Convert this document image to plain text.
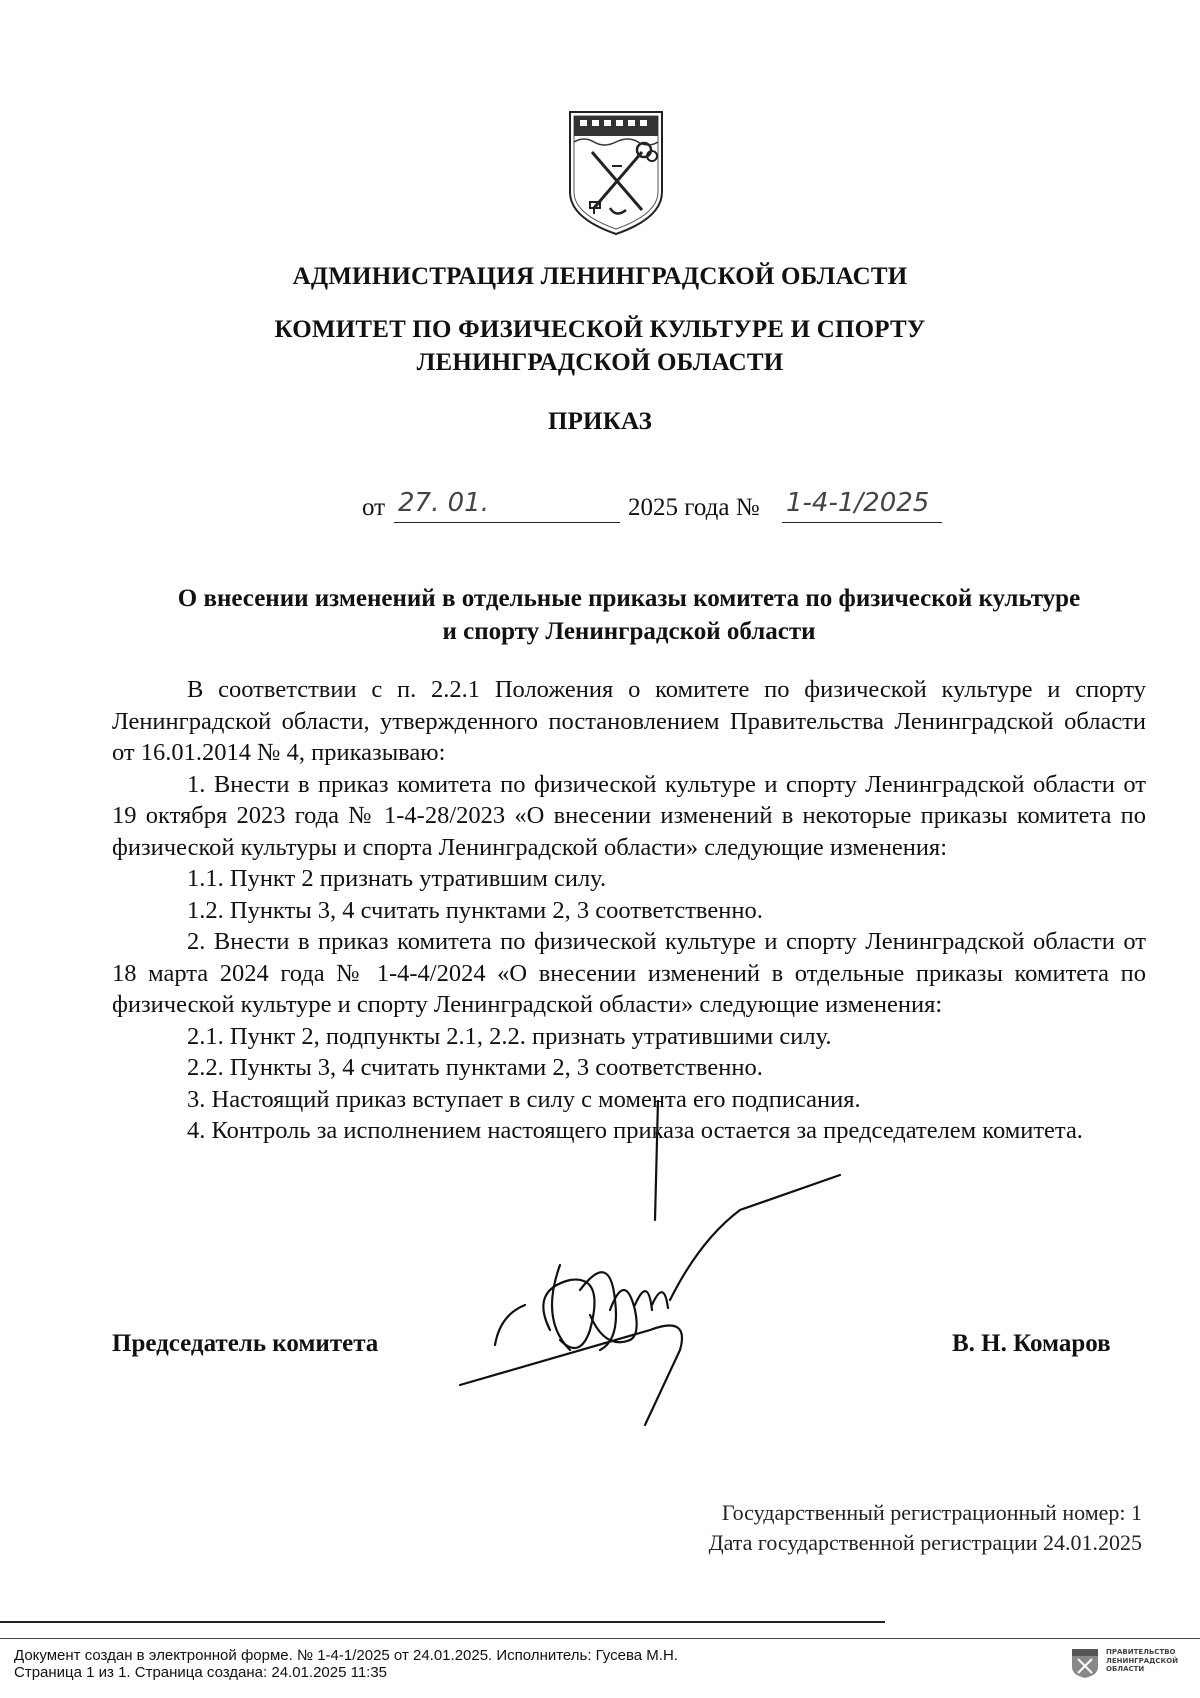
АДМИНИСТРАЦИЯ ЛЕНИНГРАДСКОЙ ОБЛАСТИ
КОМИТЕТ ПО ФИЗИЧЕСКОЙ КУЛЬТУРЕ И СПОРТУ
ЛЕНИНГРАДСКОЙ ОБЛАСТИ
ПРИКАЗ
от 27. 01.	2025 года № 1-4-1/2025
О внесении изменений в отдельные приказы комитета по физической культуре
и спорту Ленинградской области

В соответствии с п. 2.2.1 Положения о комитете по физической культуре и спорту Ленинградской области, утвержденного постановлением Правительства Ленинградской области от 16.01.2014 № 4, приказываю:

1. Внести в приказ комитета по физической культуре и спорту Ленинградской области от 19 октября 2023 года № 1-4-28/2023 «О внесении изменений в некоторые приказы комитета по физической культуры и спорта Ленинградской области» следующие изменения:

1.1. Пункт 2 признать утратившим силу.

1.2. Пункты 3, 4 считать пунктами 2, 3 соответственно.

2. Внести в приказ комитета по физической культуре и спорту Ленинградской области от 18 марта 2024 года № 1-4-4/2024 «О внесении изменений в отдельные приказы комитета по физической культуре и спорту Ленинградской области» следующие изменения:

2.1. Пункт 2, подпункты 2.1, 2.2. признать утратившими силу.

2.2. Пункты 3, 4 считать пунктами 2, 3 соответственно.

3. Настоящий приказ вступает в силу с момента его подписания.

4. Контроль за исполнением настоящего приказа остается за председателем комитета.

Председатель комитета	В. Н. Комаров
Государственный регистрационный номер: 1
Дата государственной регистрации 24.01.2025
Документ создан в электронной форме. № 1-4-1/2025 от 24.01.2025. Исполнитель: Гусева М.Н.
Страница 1 из 1. Страница создана: 24.01.2025 11:35
ПРАВИТЕЛЬСТВО
ЛЕНИНГРАДСКОЙ
ОБЛАСТИ
